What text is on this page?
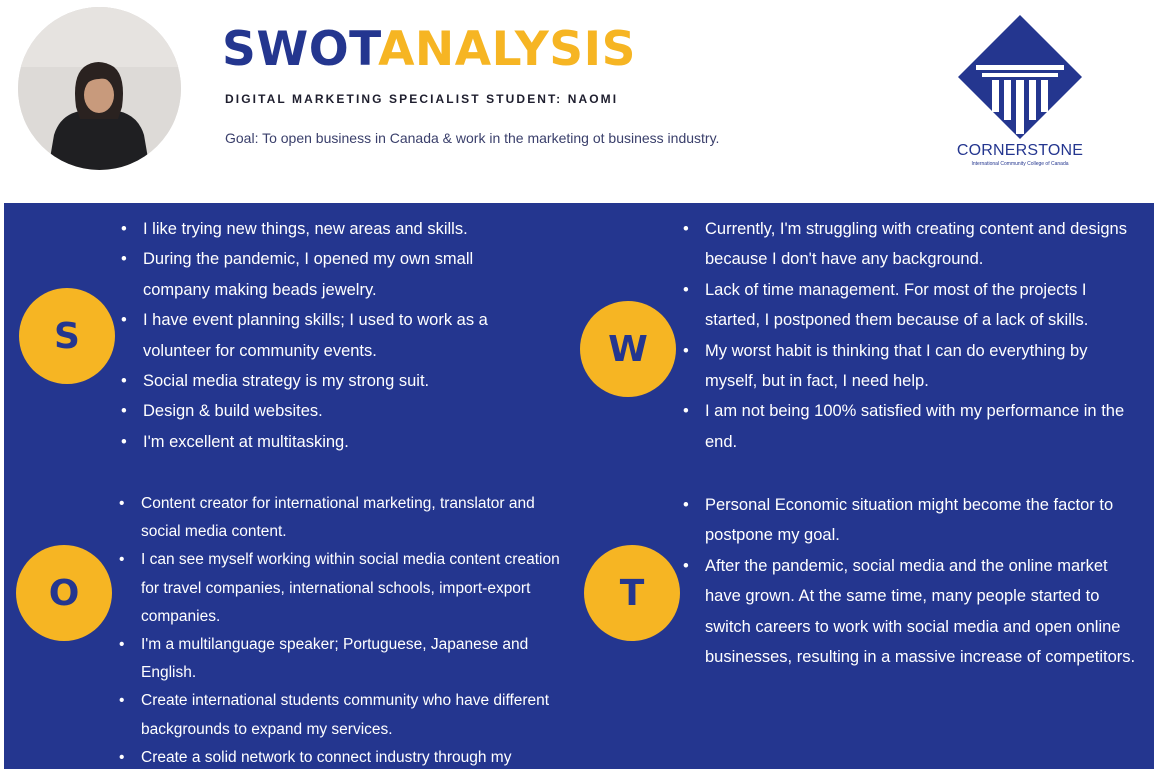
SWOTANALYSIS
DIGITAL MARKETING SPECIALIST STUDENT: NAOMI
Goal: To open business in Canada & work in the marketing ot business industry.
CORNERSTONE
International Community College of Canada
S
• I like trying new things, new areas and skills.
• During the pandemic, I opened my own small company making beads jewelry.
• I have event planning skills; I used to work as a volunteer for community events.
• Social media strategy is my strong suit.
• Design & build websites.
• I'm excellent at multitasking.
W
• Currently, I'm struggling with creating content and designs because I don't have any background.
• Lack of time management. For most of the projects I started, I postponed them because of a lack of skills.
• My worst habit is thinking that I can do everything by myself, but in fact, I need help.
• I am not being 100% satisfied with my performance in the end.
O
• Content creator for international marketing, translator and social media content.
• I can see myself working within social media content creation for travel companies, international schools, import-export companies.
• I'm a multilanguage speaker; Portuguese, Japanese and English.
• Create international students community who have different backgrounds to expand my services.
• Create a solid network to connect industry through my
T
• Personal Economic situation might become the factor to postpone my goal.
• After the pandemic, social media and the online market have grown. At the same time, many people started to switch careers to work with social media and open online businesses, resulting in a massive increase of competitors.
